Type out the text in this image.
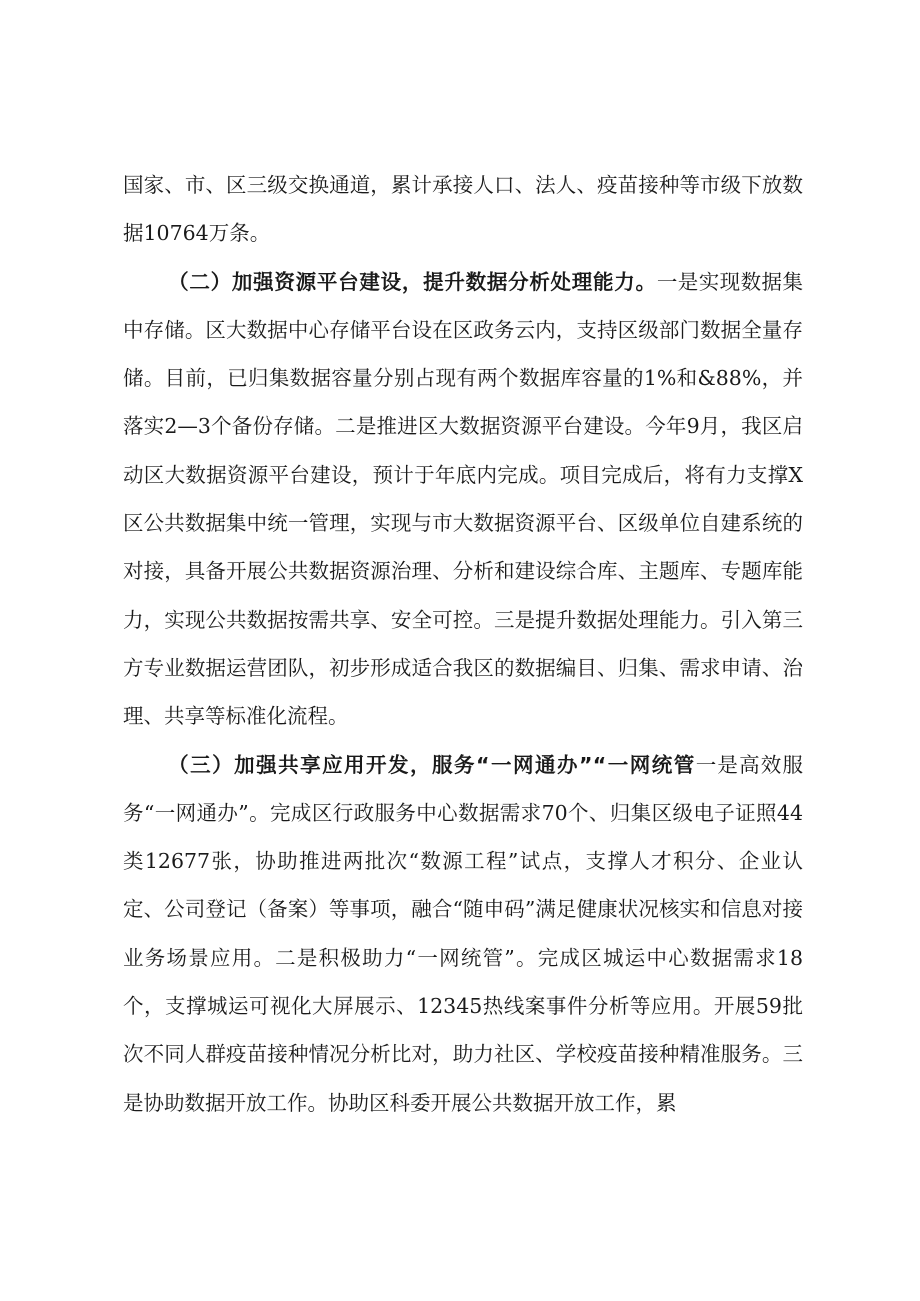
国家、市、区三级交换通道，累计承接人口、法人、疫苗接种等市级下放数据10764万条。

（二）加强资源平台建设，提升数据分析处理能力。一是实现数据集中存储。区大数据中心存储平台设在区政务云内，支持区级部门数据全量存储。目前，已归集数据容量分别占现有两个数据库容量的1%和&88%，并落实2—3个备份存储。二是推进区大数据资源平台建设。今年9月，我区启动区大数据资源平台建设，预计于年底内完成。项目完成后，将有力支撑X区公共数据集中统一管理，实现与市大数据资源平台、区级单位自建系统的对接，具备开展公共数据资源治理、分析和建设综合库、主题库、专题库能力，实现公共数据按需共享、安全可控。三是提升数据处理能力。引入第三方专业数据运营团队，初步形成适合我区的数据编目、归集、需求申请、治理、共享等标准化流程。

（三）加强共享应用开发，服务“一网通办”“一网统管一是高效服务“一网通办”。完成区行政服务中心数据需求70个、归集区级电子证照44类12677张，协助推进两批次“数源工程”试点，支撑人才积分、企业认定、公司登记（备案）等事项，融合“随申码”满足健康状况核实和信息对接业务场景应用。二是积极助力“一网统管”。完成区城运中心数据需求18个，支撑城运可视化大屏展示、12345热线案事件分析等应用。开展59批次不同人群疫苗接种情况分析比对，助力社区、学校疫苗接种精准服务。三是协助数据开放工作。协助区科委开展公共数据开放工作，累
